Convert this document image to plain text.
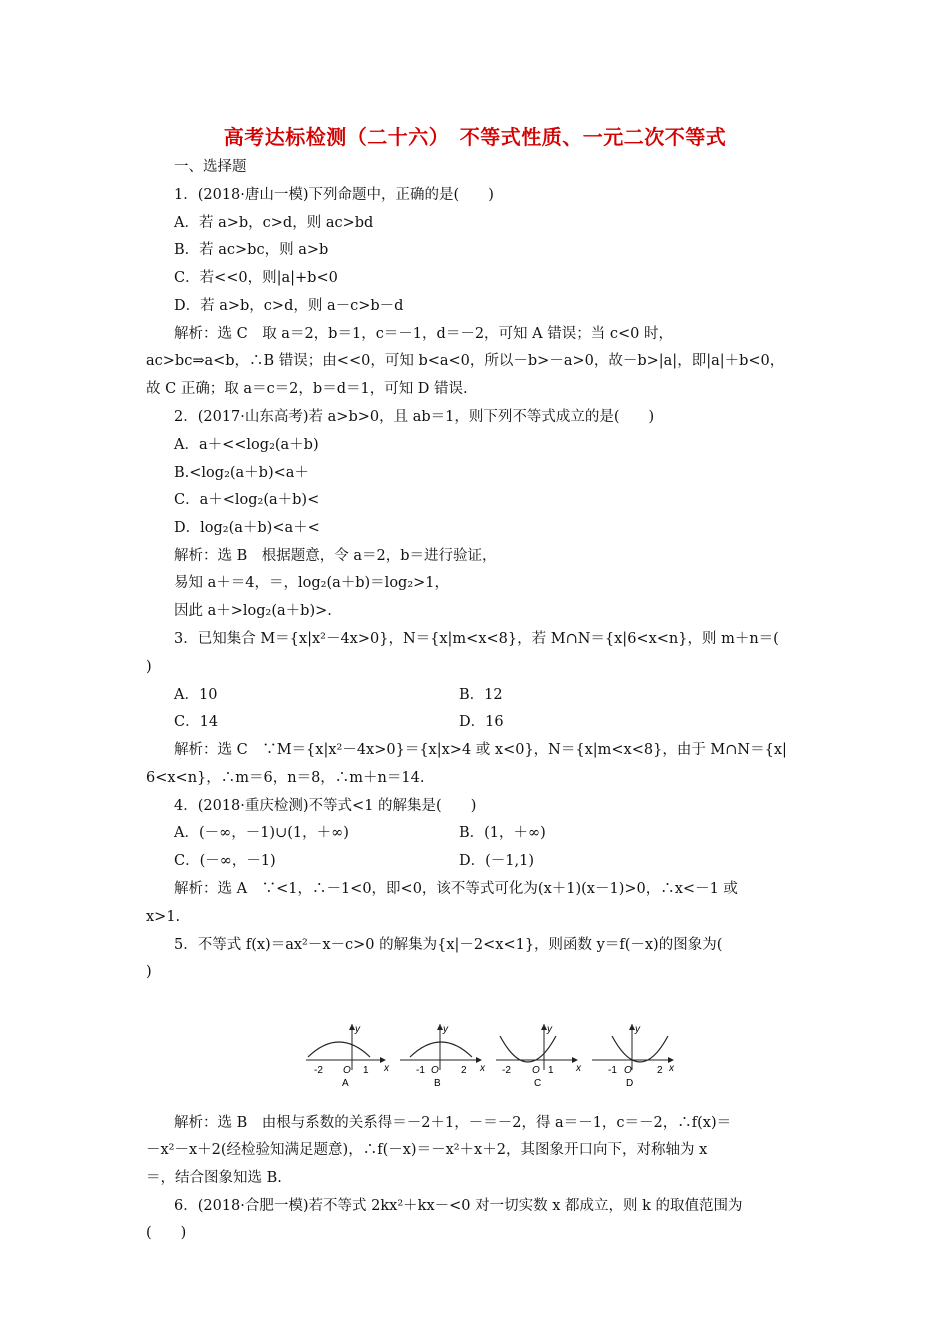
高考达标检测（二十六）　不等式性质、一元二次不等式
一、选择题
1．(2018·唐山一模)下列命题中，正确的是(　　)
A．若 a>b，c>d，则 ac>bd
B．若 ac>bc，则 a>b
C．若<<0，则|a|+b<0
D．若 a>b，c>d，则 a－c>b－d
解析：选 C　取 a＝2，b＝1，c＝－1，d＝－2，可知 A 错误；当 c<0 时，
ac>bc⇒a<b，∴B 错误；由<<0，可知 b<a<0，所以－b>－a>0，故－b>|a|，即|a|＋b<0，
故 C 正确；取 a＝c＝2，b＝d＝1，可知 D 错误.
2．(2017·山东高考)若 a>b>0，且 ab＝1，则下列不等式成立的是(　　)
A．a＋<<log₂(a＋b)
B.<log₂(a＋b)<a＋
C．a＋<log₂(a＋b)<
D．log₂(a＋b)<a＋<
解析：选 B　根据题意，令 a＝2，b＝进行验证，
易知 a＋＝4，＝，log₂(a＋b)＝log₂>1，
因此 a＋>log₂(a＋b)>.
3．已知集合 M＝{x|x²－4x>0}，N＝{x|m<x<8}，若 M∩N＝{x|6<x<n}，则 m＋n＝(
)
A．10	B．12
C．14	D．16
解析：选 C　∵M＝{x|x²－4x>0}＝{x|x>4 或 x<0}，N＝{x|m<x<8}，由于 M∩N＝{x|
6<x<n}，∴m＝6，n＝8，∴m＋n＝14.
4．(2018·重庆检测)不等式<1 的解集是(　　)
A．(－∞，－1)∪(1，＋∞)	B．(1，＋∞)
C．(－∞，－1)	D．(－1,1)
解析：选 A　∵<1，∴－1<0，即<0，该不等式可化为(x＋1)(x－1)>0，∴x<－1 或
x>1.
5．不等式 f(x)＝ax²－x－c>0 的解集为{x|－2<x<1}，则函数 y＝f(－x)的图象为(
)
y
x
O
-2	1
A
y
x
O
-1	2
B
y
x
O
-2	1
C
y
x
O
-1	2
D
解析：选 B　由根与系数的关系得＝－2＋1，－＝－2，得 a＝－1，c＝－2，∴f(x)＝
－x²－x＋2(经检验知满足题意)，∴f(－x)＝－x²＋x＋2，其图象开口向下，对称轴为 x
＝，结合图象知选 B.
6．(2018·合肥一模)若不等式 2kx²＋kx－<0 对一切实数 x 都成立，则 k 的取值范围为
(　　)
